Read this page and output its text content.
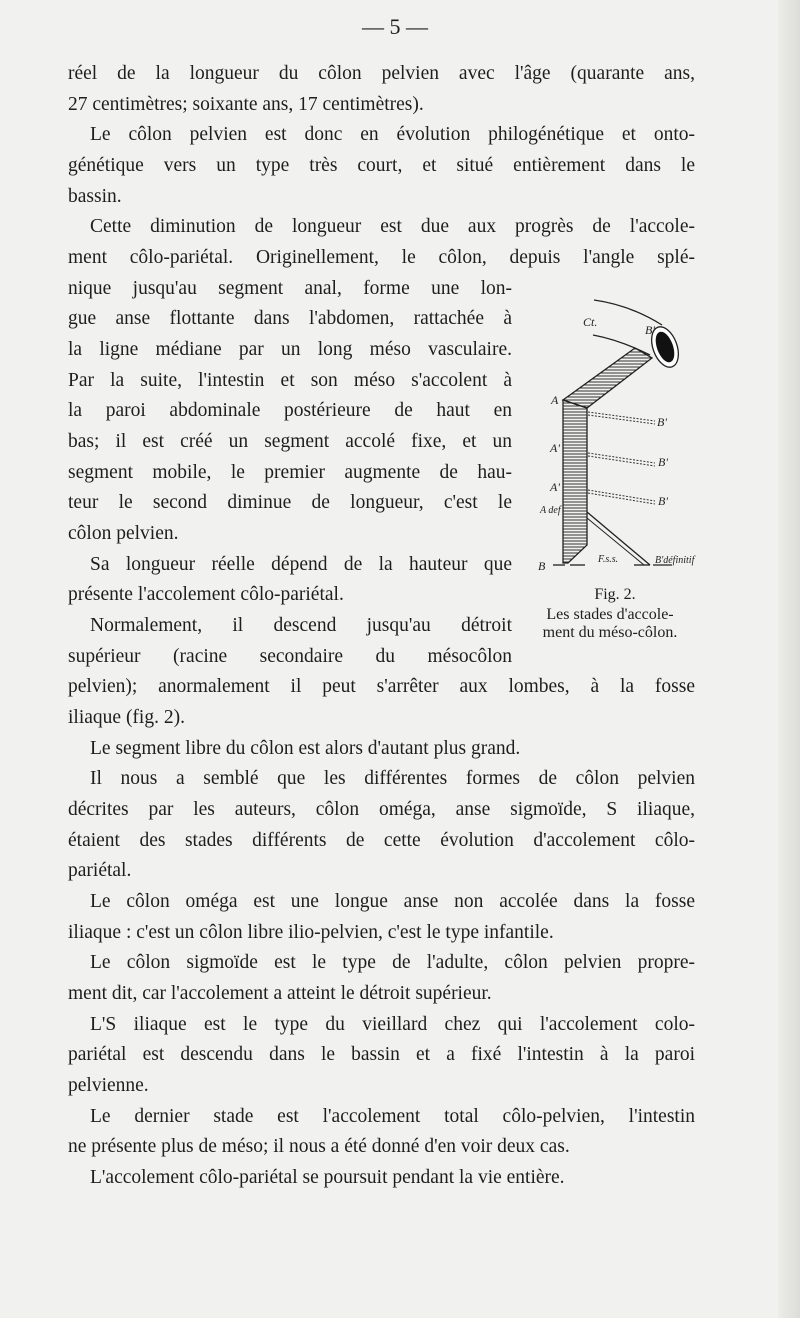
— 5 —
réel de la longueur du côlon pelvien avec l'âge (quarante ans,
27 centimètres; soixante ans, 17 centimètres).
Le côlon pelvien est donc en évolution philogénétique et onto-
génétique vers un type très court, et situé entièrement dans le
bassin.
Cette diminution de longueur est due aux progrès de l'accole-
ment côlo-pariétal. Originellement, le côlon, depuis l'angle splé-
nique jusqu'au segment anal, forme une lon-
gue anse flottante dans l'abdomen, rattachée à
la ligne médiane par un long méso vasculaire.
Par la suite, l'intestin et son méso s'accolent à
la paroi abdominale postérieure de haut en
bas; il est créé un segment accolé fixe, et un
segment mobile, le premier augmente de hau-
teur le second diminue de longueur, c'est le
côlon pelvien.
Sa longueur réelle dépend de la hauteur que
présente l'accolement côlo-pariétal.
Normalement, il descend jusqu'au détroit
supérieur (racine secondaire du mésocôlon
pelvien); anormalement il peut s'arrêter aux lombes, à la fosse
iliaque (fig. 2).
Le segment libre du côlon est alors d'autant plus grand.
Il nous a semblé que les différentes formes de côlon pelvien
décrites par les auteurs, côlon oméga, anse sigmoïde, S iliaque,
étaient des stades différents de cette évolution d'accolement côlo-
pariétal.
Le côlon oméga est une longue anse non accolée dans la fosse
iliaque : c'est un côlon libre ilio-pelvien, c'est le type infantile.
Le côlon sigmoïde est le type de l'adulte, côlon pelvien propre-
ment dit, car l'accolement a atteint le détroit supérieur.
L'S iliaque est le type du vieillard chez qui l'accolement colo-
pariétal est descendu dans le bassin et a fixé l'intestin à la paroi
pelvienne.
Le dernier stade est l'accolement total côlo-pelvien, l'intestin
ne présente plus de méso; il nous a été donné d'en voir deux cas.
L'accolement côlo-pariétal se poursuit pendant la vie entière.
Ct.
B'
A
B'
A'
B'
A'
B'
A def
B	F.s.s.	B'définitif
Fig. 2.
Les stades d'accole-
ment du méso-côlon.
